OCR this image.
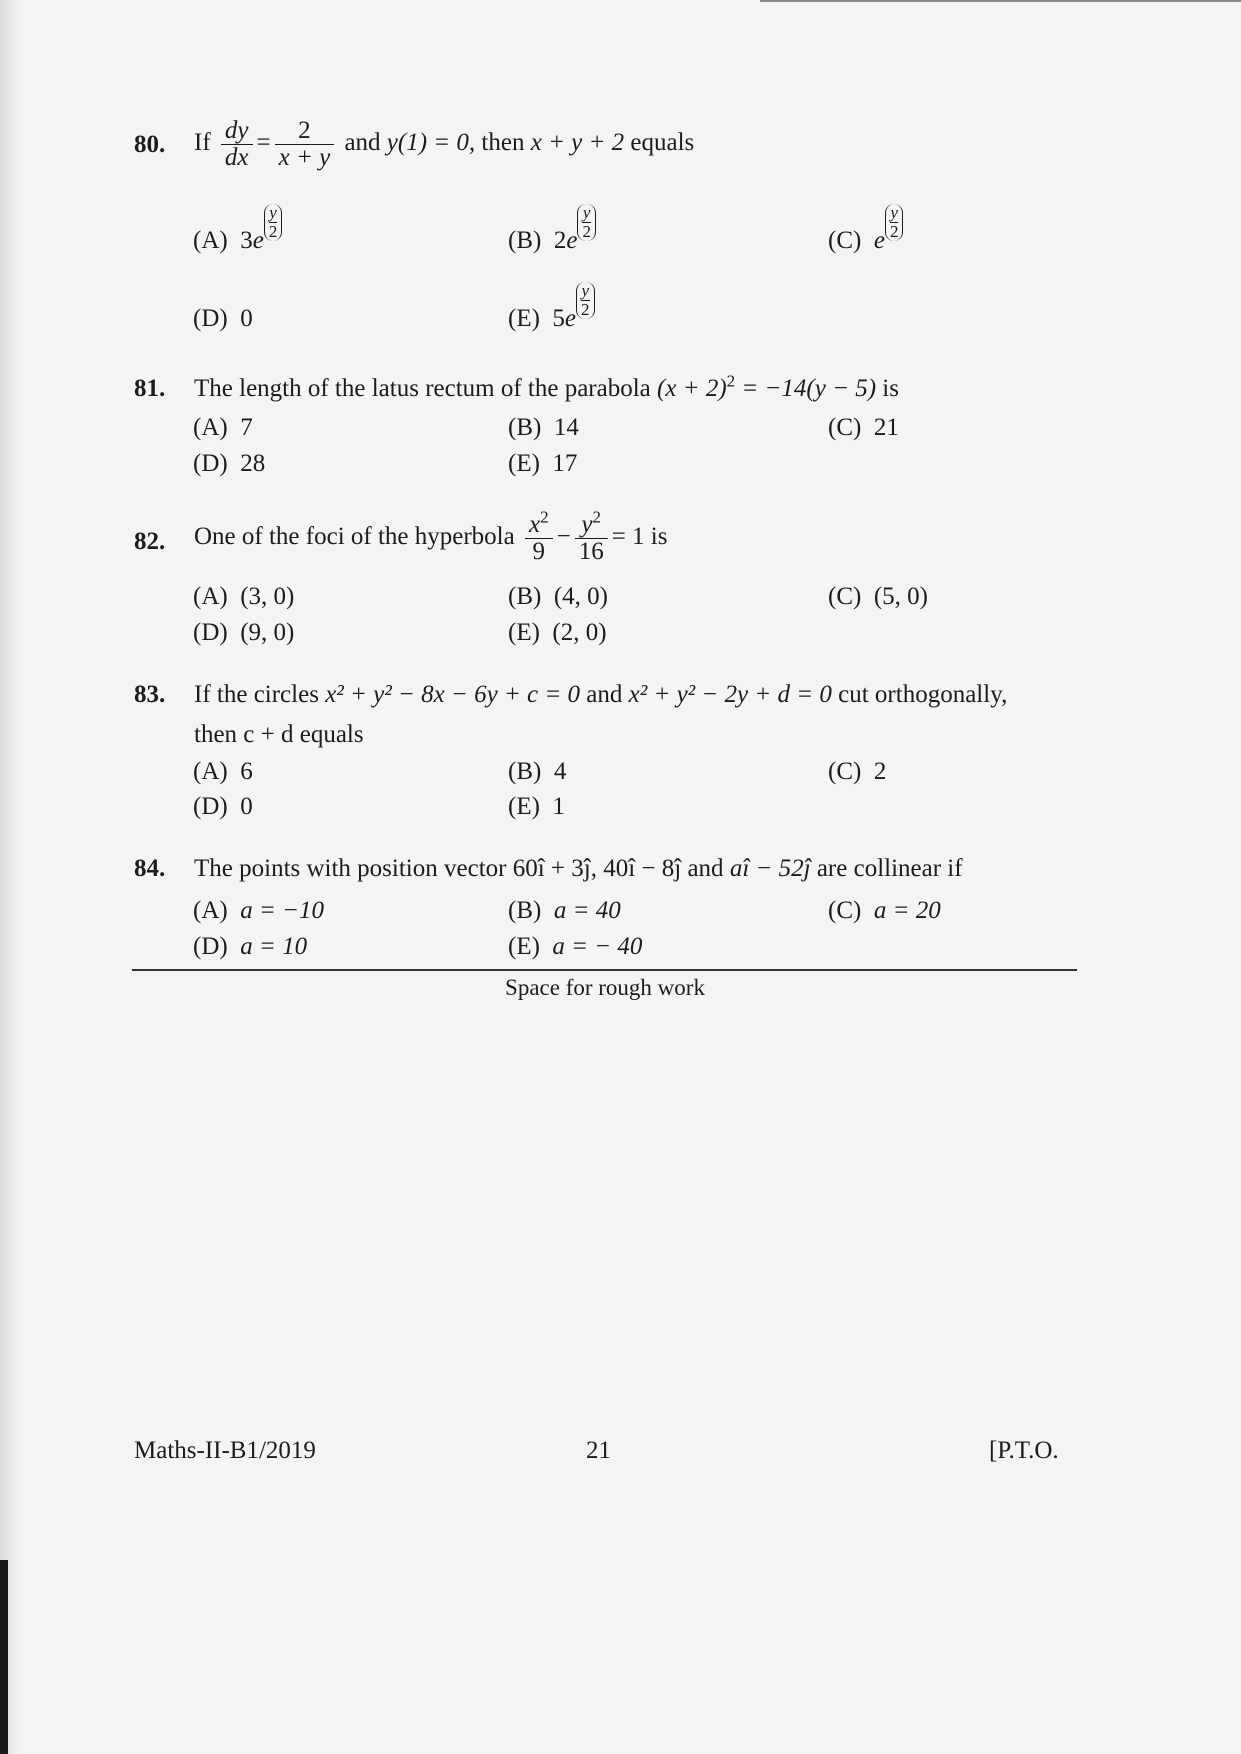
80. If $\frac{dy}{dx} = \frac{2}{x + y}$ and y(1) = 0, then x + y + 2 equals
(A) $3e \frac{y}{2}$	(B) $2e \frac{y}{2}$	(C) e $\frac{y}{2}$
(D) 0	(E) $5e \frac{y}{2}$
81. The length of the latus rectum of the parabola $(x + 2)^2 = -14(y - 5)$ is
(A) 7	(B) 14	(C) 21
(D) 28	(E) 17
82. One of the foci of the hyperbola $\frac{x^2}{9} - \frac{y^2}{16} = 1$ is
(A) (3, 0)	(B) (4, 0)	(C) (5, 0)
(D) (9, 0)	(E) (2, 0)
83. If the circles x² + y² − 8x − 6y + c = 0 and x² + y² − 2y + d = 0 cut orthogonally,
then c + d equals
(A) 6	(B) 4	(C) 2
(D) 0	(E) 1
84. The points with position vector 60î + 3ĵ, 40î − 8ĵ and aî − 52ĵ are collinear if
(A) a = −10	(B) a = 40	(C) a = 20
(D) a = 10	(E) a = − 40
Space for rough work
Maths-II-B1/2019	21	[P.T.O.
